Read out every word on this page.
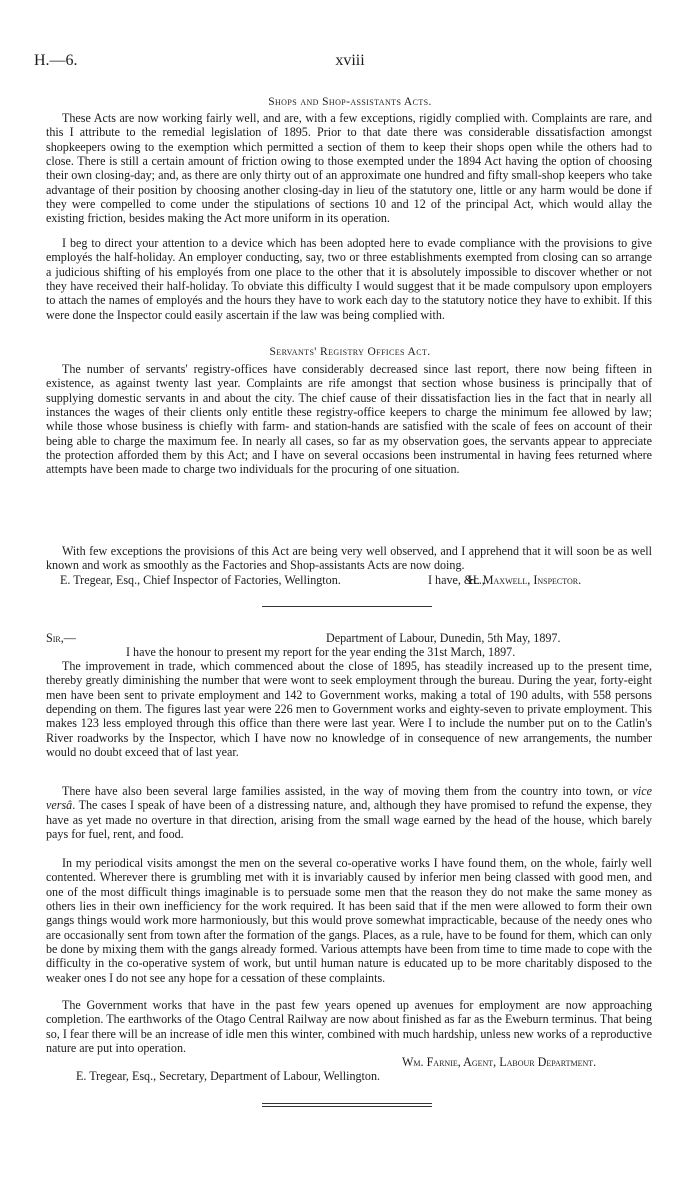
H.—6.	xviii
Shops and Shop-assistants Acts.
These Acts are now working fairly well, and are, with a few exceptions, rigidly complied with. Complaints are rare, and this I attribute to the remedial legislation of 1895. Prior to that date there was considerable dissatisfaction amongst shopkeepers owing to the exemption which permitted a section of them to keep their shops open while the others had to close. There is still a certain amount of friction owing to those exempted under the 1894 Act having the option of choosing their own closing-day; and, as there are only thirty out of an approximate one hundred and fifty small-shop keepers who take advantage of their position by choosing another closing-day in lieu of the statutory one, little or any harm would be done if they were compelled to come under the stipulations of sections 10 and 12 of the principal Act, which would allay the existing friction, besides making the Act more uniform in its operation.
I beg to direct your attention to a device which has been adopted here to evade compliance with the provisions to give employés the half-holiday. An employer conducting, say, two or three establishments exempted from closing can so arrange a judicious shifting of his employés from one place to the other that it is absolutely impossible to discover whether or not they have received their half-holiday. To obviate this difficulty I would suggest that it be made compulsory upon employers to attach the names of employés and the hours they have to work each day to the statutory notice they have to exhibit. If this were done the Inspector could easily ascertain if the law was being complied with.
Servants' Registry Offices Act.
The number of servants' registry-offices have considerably decreased since last report, there now being fifteen in existence, as against twenty last year. Complaints are rife amongst that section whose business is principally that of supplying domestic servants in and about the city. The chief cause of their dissatisfaction lies in the fact that in nearly all instances the wages of their clients only entitle these registry-office keepers to charge the minimum fee allowed by law; while those whose business is chiefly with farm- and station-hands are satisfied with the scale of fees on account of their being able to charge the maximum fee. In nearly all cases, so far as my observation goes, the servants appear to appreciate the protection afforded them by this Act; and I have on several occasions been instrumental in having fees returned where attempts have been made to charge two individuals for the procuring of one situation.
With few exceptions the provisions of this Act are being very well observed, and I apprehend that it will soon be as well known and work as smoothly as the Factories and Shop-assistants Acts are now doing.
I have, &c.,
E. Tregear, Esq., Chief Inspector of Factories, Wellington.	H. Maxwell, Inspector.
Sir,—	Department of Labour, Dunedin, 5th May, 1897.
I have the honour to present my report for the year ending the 31st March, 1897.
The improvement in trade, which commenced about the close of 1895, has steadily increased up to the present time, thereby greatly diminishing the number that were wont to seek employment through the bureau. During the year, forty-eight men have been sent to private employment and 142 to Government works, making a total of 190 adults, with 558 persons depending on them. The figures last year were 226 men to Government works and eighty-seven to private employment. This makes 123 less employed through this office than there were last year. Were I to include the number put on to the Catlin's River roadworks by the Inspector, which I have now no knowledge of in consequence of new arrangements, the number would no doubt exceed that of last year.
There have also been several large families assisted, in the way of moving them from the country into town, or vice versâ. The cases I speak of have been of a distressing nature, and, although they have promised to refund the expense, they have as yet made no overture in that direction, arising from the small wage earned by the head of the house, which barely pays for fuel, rent, and food.
In my periodical visits amongst the men on the several co-operative works I have found them, on the whole, fairly well contented. Wherever there is grumbling met with it is invariably caused by inferior men being classed with good men, and one of the most difficult things imaginable is to persuade some men that the reason they do not make the same money as others lies in their own inefficiency for the work required. It has been said that if the men were allowed to form their own gangs things would work more harmoniously, but this would prove somewhat impracticable, because of the needy ones who are occasionally sent from town after the formation of the gangs. Places, as a rule, have to be found for them, which can only be done by mixing them with the gangs already formed. Various attempts have been from time to time made to cope with the difficulty in the co-operative system of work, but until human nature is educated up to be more charitably disposed to the weaker ones I do not see any hope for a cessation of these complaints.
The Government works that have in the past few years opened up avenues for employment are now approaching completion. The earthworks of the Otago Central Railway are now about finished as far as the Eweburn terminus. That being so, I fear there will be an increase of idle men this winter, combined with much hardship, unless new works of a reproductive nature are put into operation.
Wm. Farnie, Agent, Labour Department.
E. Tregear, Esq., Secretary, Department of Labour, Wellington.
